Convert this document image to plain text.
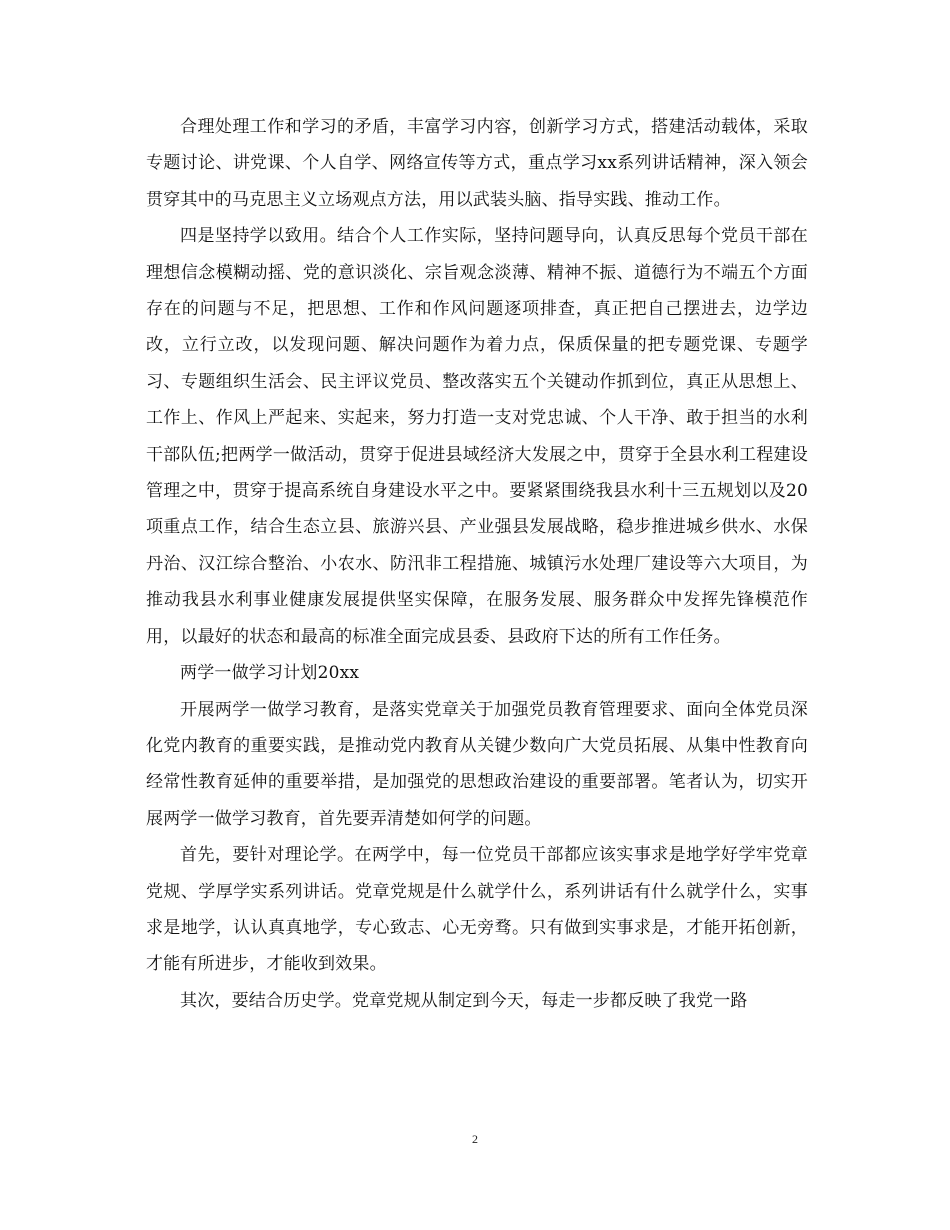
合理处理工作和学习的矛盾，丰富学习内容，创新学习方式，搭建活动载体，采取专题讨论、讲党课、个人自学、网络宣传等方式，重点学习xx系列讲话精神，深入领会贯穿其中的马克思主义立场观点方法，用以武装头脑、指导实践、推动工作。

四是坚持学以致用。结合个人工作实际，坚持问题导向，认真反思每个党员干部在理想信念模糊动摇、党的意识淡化、宗旨观念淡薄、精神不振、道德行为不端五个方面存在的问题与不足，把思想、工作和作风问题逐项排查，真正把自己摆进去，边学边改，立行立改，以发现问题、解决问题作为着力点，保质保量的把专题党课、专题学习、专题组织生活会、民主评议党员、整改落实五个关键动作抓到位，真正从思想上、工作上、作风上严起来、实起来，努力打造一支对党忠诚、个人干净、敢于担当的水利干部队伍;把两学一做活动，贯穿于促进县域经济大发展之中，贯穿于全县水利工程建设管理之中，贯穿于提高系统自身建设水平之中。要紧紧围绕我县水利十三五规划以及20项重点工作，结合生态立县、旅游兴县、产业强县发展战略，稳步推进城乡供水、水保丹治、汉江综合整治、小农水、防汛非工程措施、城镇污水处理厂建设等六大项目，为推动我县水利事业健康发展提供坚实保障，在服务发展、服务群众中发挥先锋模范作用，以最好的状态和最高的标准全面完成县委、县政府下达的所有工作任务。

两学一做学习计划20xx

开展两学一做学习教育，是落实党章关于加强党员教育管理要求、面向全体党员深化党内教育的重要实践，是推动党内教育从关键少数向广大党员拓展、从集中性教育向经常性教育延伸的重要举措，是加强党的思想政治建设的重要部署。笔者认为，切实开展两学一做学习教育，首先要弄清楚如何学的问题。

首先，要针对理论学。在两学中，每一位党员干部都应该实事求是地学好学牢党章党规、学厚学实系列讲话。党章党规是什么就学什么，系列讲话有什么就学什么，实事求是地学，认认真真地学，专心致志、心无旁骛。只有做到实事求是，才能开拓创新，才能有所进步，才能收到效果。

其次，要结合历史学。党章党规从制定到今天，每走一步都反映了我党一路

2
